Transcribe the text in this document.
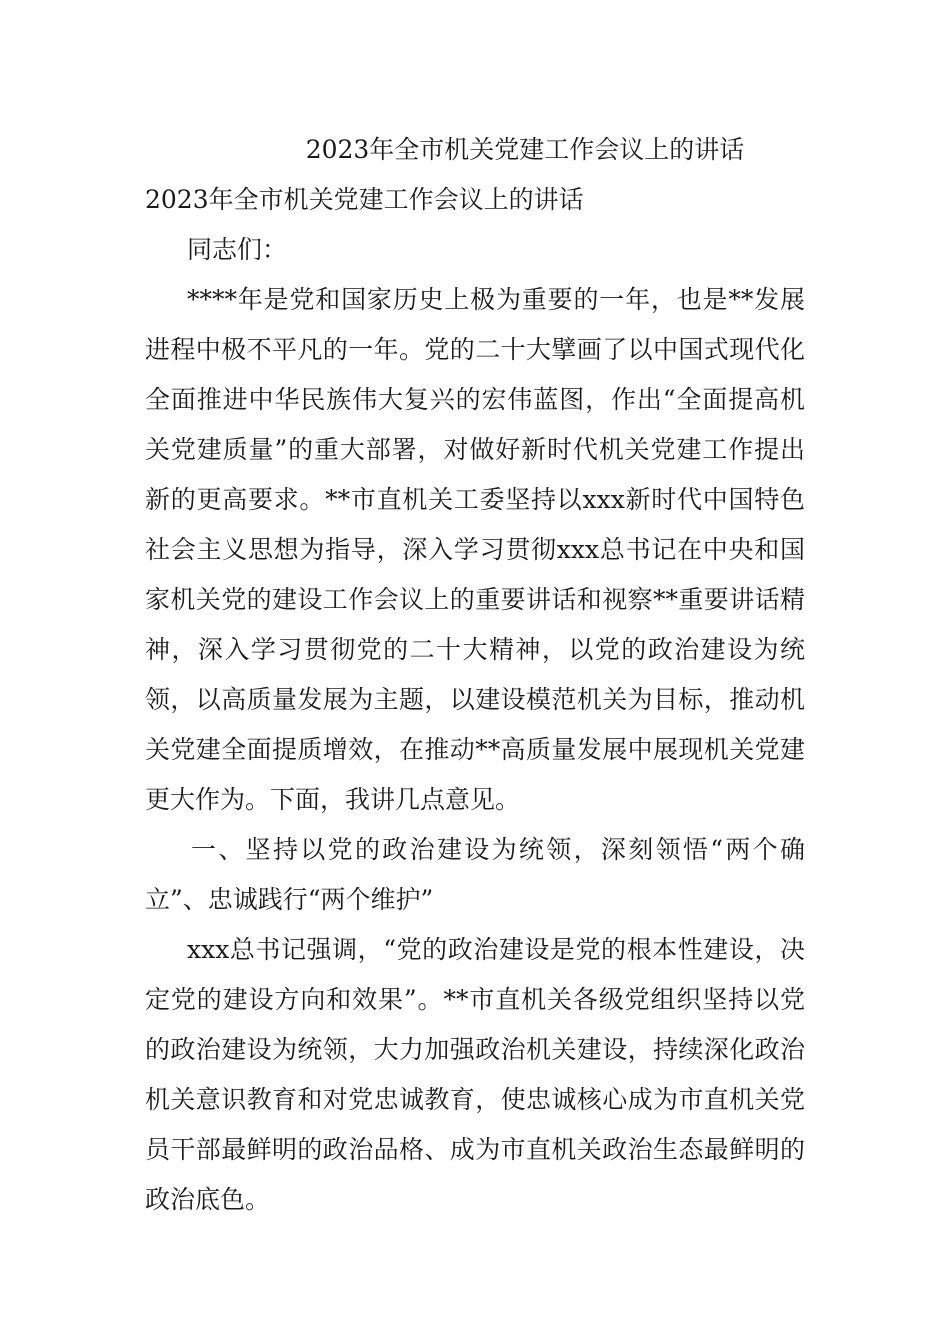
2023年全市机关党建工作会议上的讲话

2023年全市机关党建工作会议上的讲话

同志们：

****年是党和国家历史上极为重要的一年，也是**发展进程中极不平凡的一年。党的二十大擘画了以中国式现代化全面推进中华民族伟大复兴的宏伟蓝图，作出“全面提高机关党建质量”的重大部署，对做好新时代机关党建工作提出新的更高要求。**市直机关工委坚持以xxx新时代中国特色社会主义思想为指导，深入学习贯彻xxx总书记在中央和国家机关党的建设工作会议上的重要讲话和视察**重要讲话精神，深入学习贯彻党的二十大精神，以党的政治建设为统领，以高质量发展为主题，以建设模范机关为目标，推动机关党建全面提质增效，在推动**高质量发展中展现机关党建更大作为。下面，我讲几点意见。

一、坚持以党的政治建设为统领，深刻领悟“两个确立”、忠诚践行“两个维护”

xxx总书记强调，“党的政治建设是党的根本性建设，决定党的建设方向和效果”。**市直机关各级党组织坚持以党的政治建设为统领，大力加强政治机关建设，持续深化政治机关意识教育和对党忠诚教育，使忠诚核心成为市直机关党员干部最鲜明的政治品格、成为市直机关政治生态最鲜明的政治底色。
